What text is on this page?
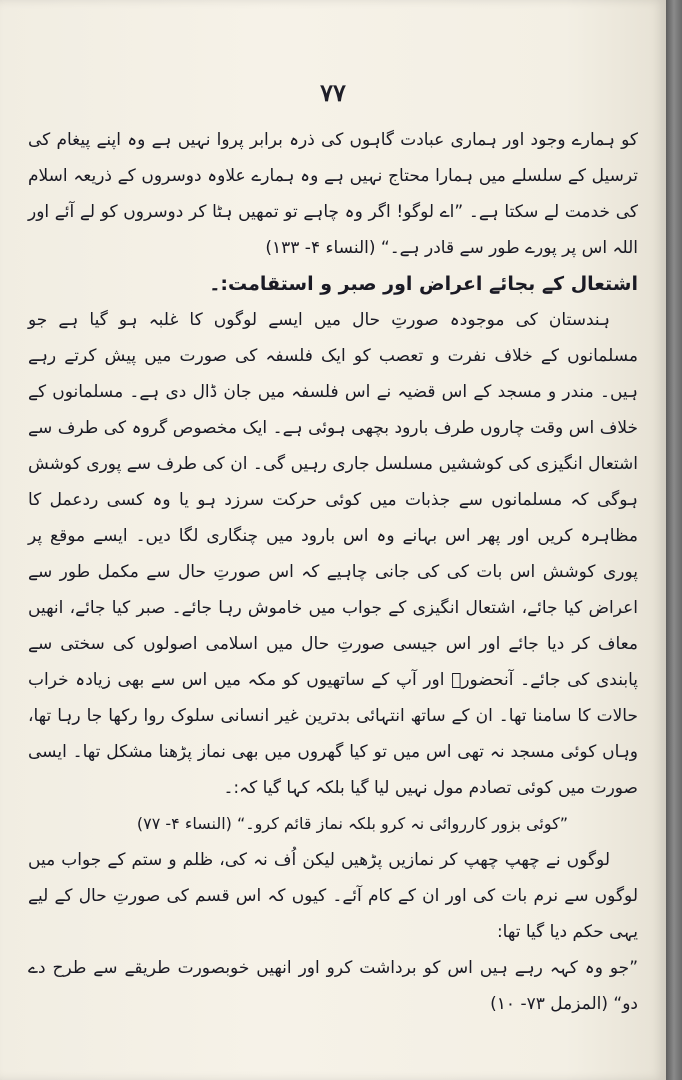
۷۷

کو ہمارے وجود اور ہماری عبادت گاہوں کی ذرہ برابر پروا نہیں ہے وہ اپنے پیغام کی ترسیل کے سلسلے میں ہمارا محتاج نہیں ہے وہ ہمارے علاوہ دوسروں کے ذریعہ اسلام کی خدمت لے سکتا ہے۔ ”اے لوگو! اگر وہ چاہے تو تمھیں ہٹا کر دوسروں کو لے آئے اور اللہ اس پر پورے طور سے قادر ہے۔“ (النساء ۴- ۱۳۳)

اشتعال کے بجائے اعراض اور صبر و استقامت:۔

ہندستان کی موجودہ صورتِ حال میں ایسے لوگوں کا غلبہ ہو گیا ہے جو مسلمانوں کے خلاف نفرت و تعصب کو ایک فلسفہ کی صورت میں پیش کرتے رہے ہیں۔ مندر و مسجد کے اس قضیہ نے اس فلسفہ میں جان ڈال دی ہے۔ مسلمانوں کے خلاف اس وقت چاروں طرف بارود بچھی ہوئی ہے۔ ایک مخصوص گروہ کی طرف سے اشتعال انگیزی کی کوششیں مسلسل جاری رہیں گی۔ ان کی طرف سے پوری کوشش ہوگی کہ مسلمانوں سے جذبات میں کوئی حرکت سرزد ہو یا وہ کسی ردعمل کا مظاہرہ کریں اور پھر اس بہانے وہ اس بارود میں چنگاری لگا دیں۔ ایسے موقع پر پوری کوشش اس بات کی کی جانی چاہیے کہ اس صورتِ حال سے مکمل طور سے اعراض کیا جائے، اشتعال انگیزی کے جواب میں خاموش رہا جائے۔ صبر کیا جائے، انھیں معاف کر دیا جائے اور اس جیسی صورتِ حال میں اسلامی اصولوں کی سختی سے پابندی کی جائے۔ آنحضورؐ اور آپ کے ساتھیوں کو مکہ میں اس سے بھی زیادہ خراب حالات کا سامنا تھا۔ ان کے ساتھ انتہائی بدترین غیر انسانی سلوک روا رکھا جا رہا تھا، وہاں کوئی مسجد نہ تھی اس میں تو کیا گھروں میں بھی نماز پڑھنا مشکل تھا۔ ایسی صورت میں کوئی تصادم مول نہیں لیا گیا بلکہ کہا گیا کہ:۔

”کوئی بزور کارروائی نہ کرو بلکہ نماز قائم کرو۔“ (النساء ۴- ۷۷)

لوگوں نے چھپ چھپ کر نمازیں پڑھیں لیکن اُف نہ کی، ظلم و ستم کے جواب میں لوگوں سے نرم بات کی اور ان کے کام آئے۔ کیوں کہ اس قسم کی صورتِ حال کے لیے یہی حکم دیا گیا تھا:

”جو وہ کہہ رہے ہیں اس کو برداشت کرو اور انھیں خوبصورت طریقے سے طرح دے دو“ (المزمل ۷۳- ۱۰)
